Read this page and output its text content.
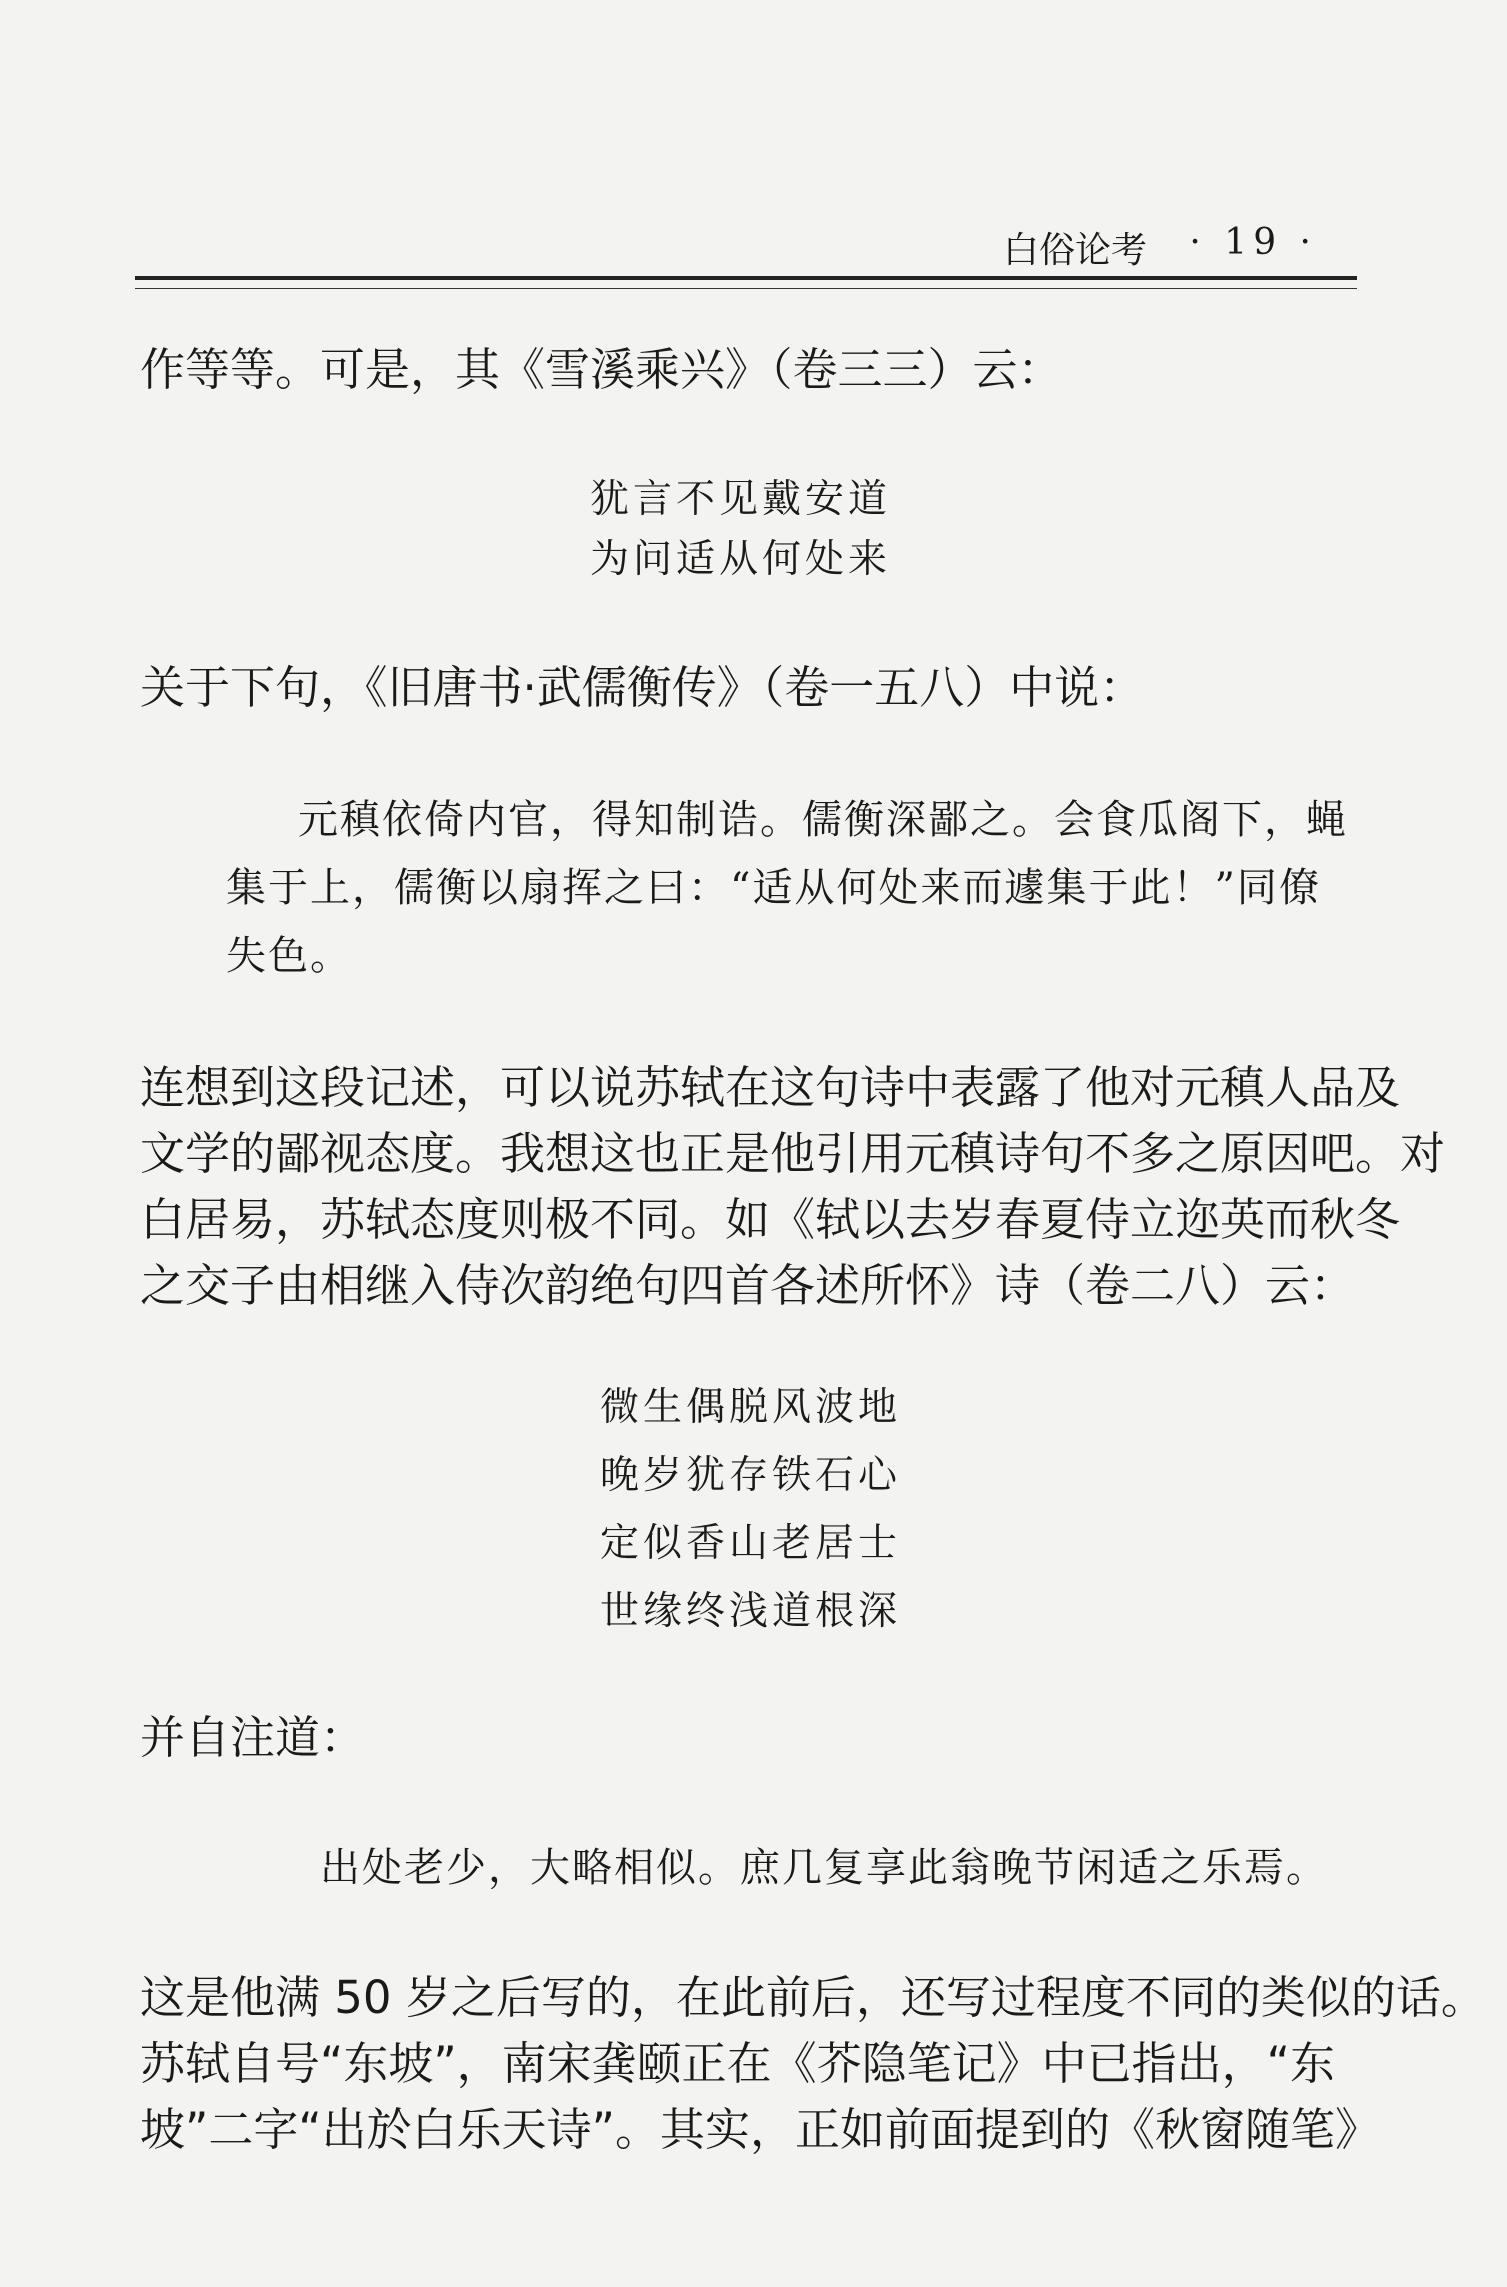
白俗论考 · 19 ·
作等等。可是，其《雪溪乘兴》（卷三三）云：
犹言不见戴安道
为问适从何处来
关于下句，《旧唐书·武儒衡传》（卷一五八）中说：
元稹依倚内官，得知制诰。儒衡深鄙之。会食瓜阁下，蝇
集于上，儒衡以扇挥之曰：“适从何处来而遽集于此！”同僚
失色。
连想到这段记述，可以说苏轼在这句诗中表露了他对元稹人品及
文学的鄙视态度。我想这也正是他引用元稹诗句不多之原因吧。对
白居易，苏轼态度则极不同。如《轼以去岁春夏侍立迩英而秋冬
之交子由相继入侍次韵绝句四首各述所怀》诗（卷二八）云：
微生偶脱风波地
晚岁犹存铁石心
定似香山老居士
世缘终浅道根深
并自注道：
出处老少，大略相似。庶几复享此翁晚节闲适之乐焉。
这是他满 50 岁之后写的，在此前后，还写过程度不同的类似的话。
苏轼自号“东坡”，南宋龚颐正在《芥隐笔记》中已指出，“东
坡”二字“出於白乐天诗”。其实，正如前面提到的《秋窗随笔》
